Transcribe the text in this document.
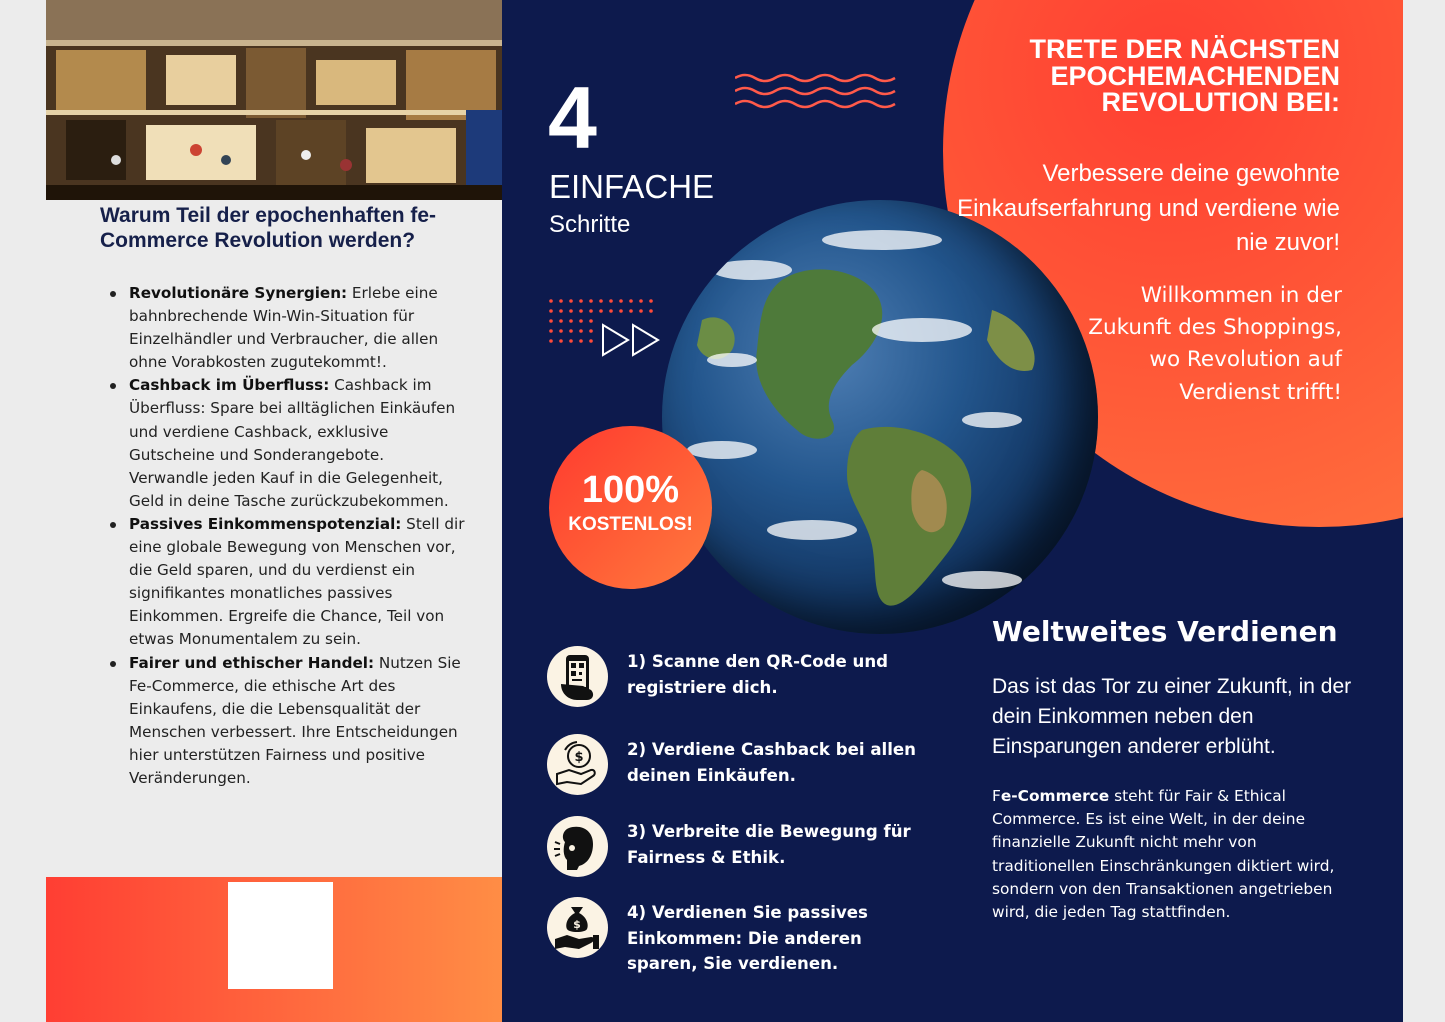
Warum Teil der epochenhaften fe-Commerce Revolution werden?
Revolutionäre Synergien: Erlebe eine bahnbrechende Win-Win-Situation für Einzelhändler und Verbraucher, die allen ohne Vorabkosten zugutekommt!.
Cashback im Überfluss: Cashback im Überfluss: Spare bei alltäglichen Einkäufen und verdiene Cashback, exklusive Gutscheine und Sonderangebote. Verwandle jeden Kauf in die Gelegenheit, Geld in deine Tasche zurückzubekommen.
Passives Einkommenspotenzial: Stell dir eine globale Bewegung von Menschen vor, die Geld sparen, und du verdienst ein signifikantes monatliches passives Einkommen. Ergreife die Chance, Teil von etwas Monumentalem zu sein.
Fairer und ethischer Handel: Nutzen Sie Fe-Commerce, die ethische Art des Einkaufens, die die Lebensqualität der Menschen verbessert. Ihre Entscheidungen hier unterstützen Fairness und positive Veränderungen.
4
EINFACHE
Schritte
100%
KOSTENLOS!
1) Scanne den QR-Code und registriere dich.
$	2) Verdiene Cashback bei allen deinen Einkäufen.
3) Verbreite die Bewegung für Fairness & Ethik.
$
4) Verdienen Sie passives Einkommen: Die anderen sparen, Sie verdienen.
TRETE DER NÄCHSTEN EPOCHEMACHENDEN REVOLUTION BEI:
Verbessere deine gewohnte Einkaufserfahrung und verdiene wie nie zuvor!
Willkommen in der Zukunft des Shoppings, wo Revolution auf Verdienst trifft!
Weltweites Verdienen
Das ist das Tor zu einer Zukunft, in der dein Einkommen neben den Einsparungen anderer erblüht.
Fe-Commerce steht für Fair & Ethical Commerce. Es ist eine Welt, in der deine finanzielle Zukunft nicht mehr von traditionellen Einschränkungen diktiert wird, sondern von den Transaktionen angetrieben wird, die jeden Tag stattfinden.
